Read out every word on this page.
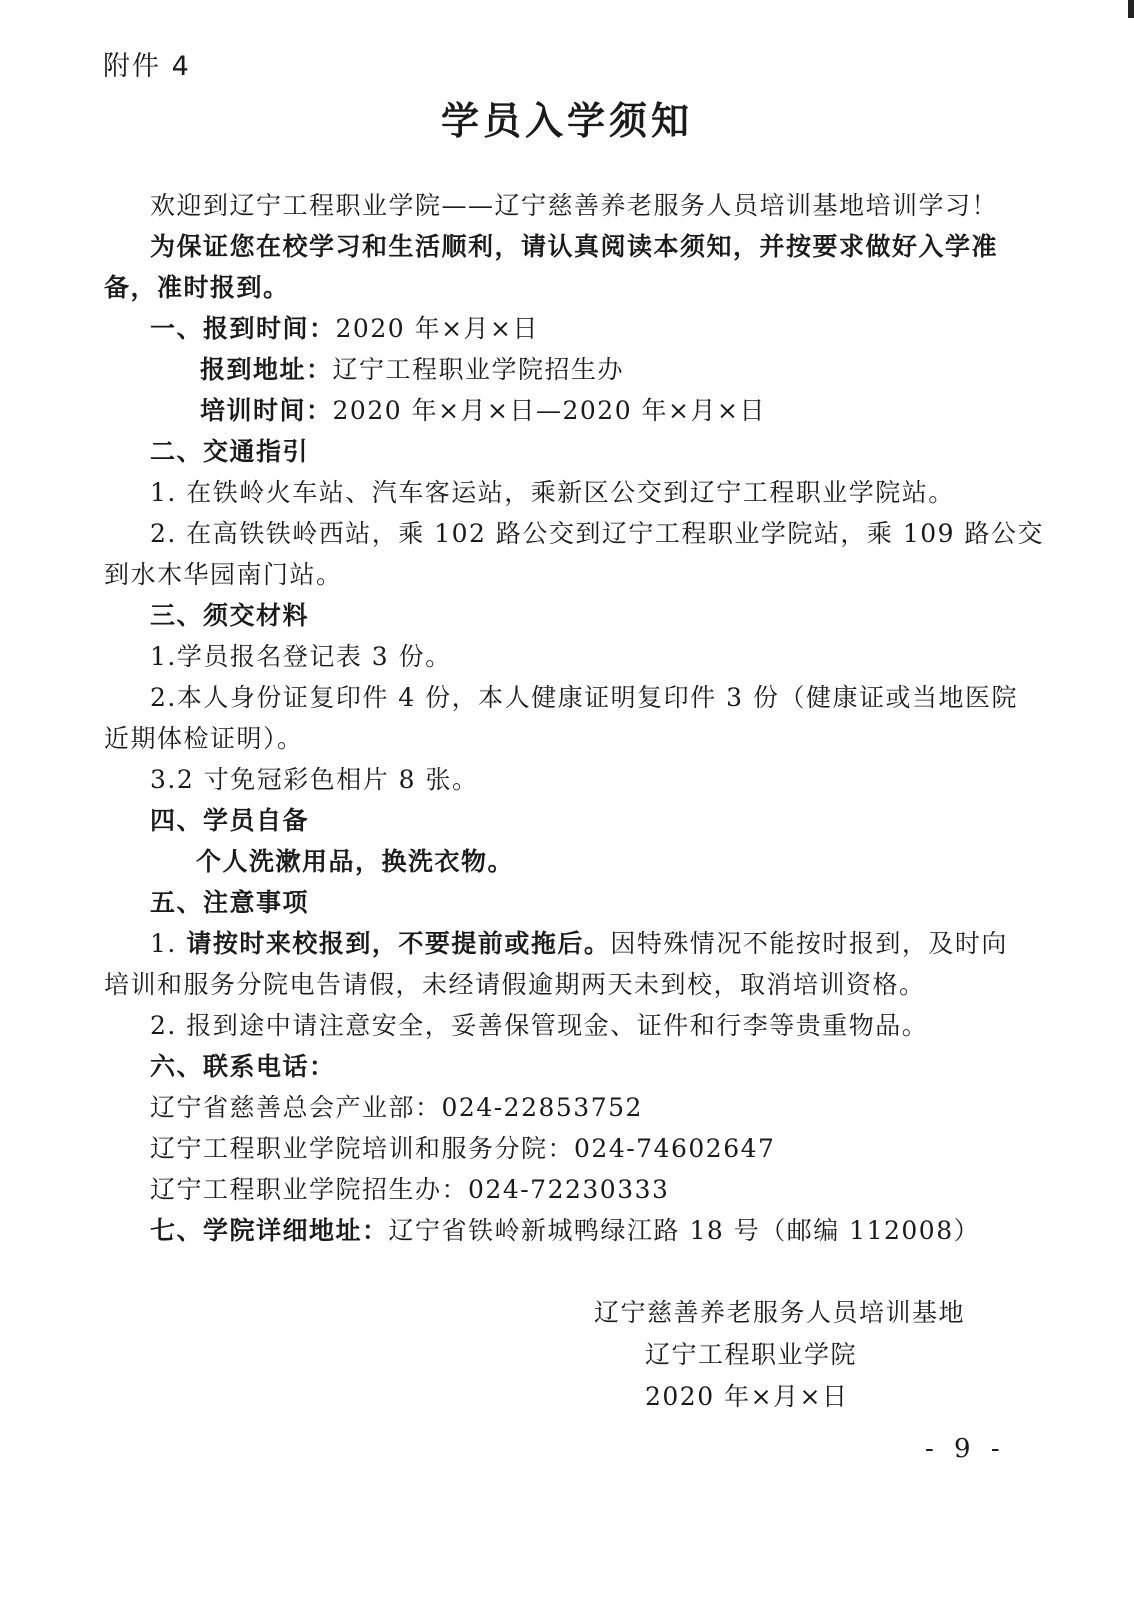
附件 4
学员入学须知
欢迎到辽宁工程职业学院——辽宁慈善养老服务人员培训基地培训学习！
为保证您在校学习和生活顺利，请认真阅读本须知，并按要求做好入学准
备，准时报到。
一、报到时间：2020 年×月×日
报到地址：辽宁工程职业学院招生办
培训时间：2020 年×月×日—2020 年×月×日
二、交通指引
1. 在铁岭火车站、汽车客运站，乘新区公交到辽宁工程职业学院站。
2. 在高铁铁岭西站，乘 102 路公交到辽宁工程职业学院站，乘 109 路公交
到水木华园南门站。
三、须交材料
1.学员报名登记表 3 份。
2.本人身份证复印件 4 份，本人健康证明复印件 3 份（健康证或当地医院
近期体检证明）。
3.2 寸免冠彩色相片 8 张。
四、学员自备
个人洗漱用品，换洗衣物。
五、注意事项
1. 请按时来校报到，不要提前或拖后。因特殊情况不能按时报到，及时向
培训和服务分院电告请假，未经请假逾期两天未到校，取消培训资格。
2. 报到途中请注意安全，妥善保管现金、证件和行李等贵重物品。
六、联系电话：
辽宁省慈善总会产业部：024-22853752
辽宁工程职业学院培训和服务分院：024-74602647
辽宁工程职业学院招生办：024-72230333
七、学院详细地址：辽宁省铁岭新城鸭绿江路 18 号（邮编 112008）
辽宁慈善养老服务人员培训基地
辽宁工程职业学院
2020 年×月×日
- 9 -
